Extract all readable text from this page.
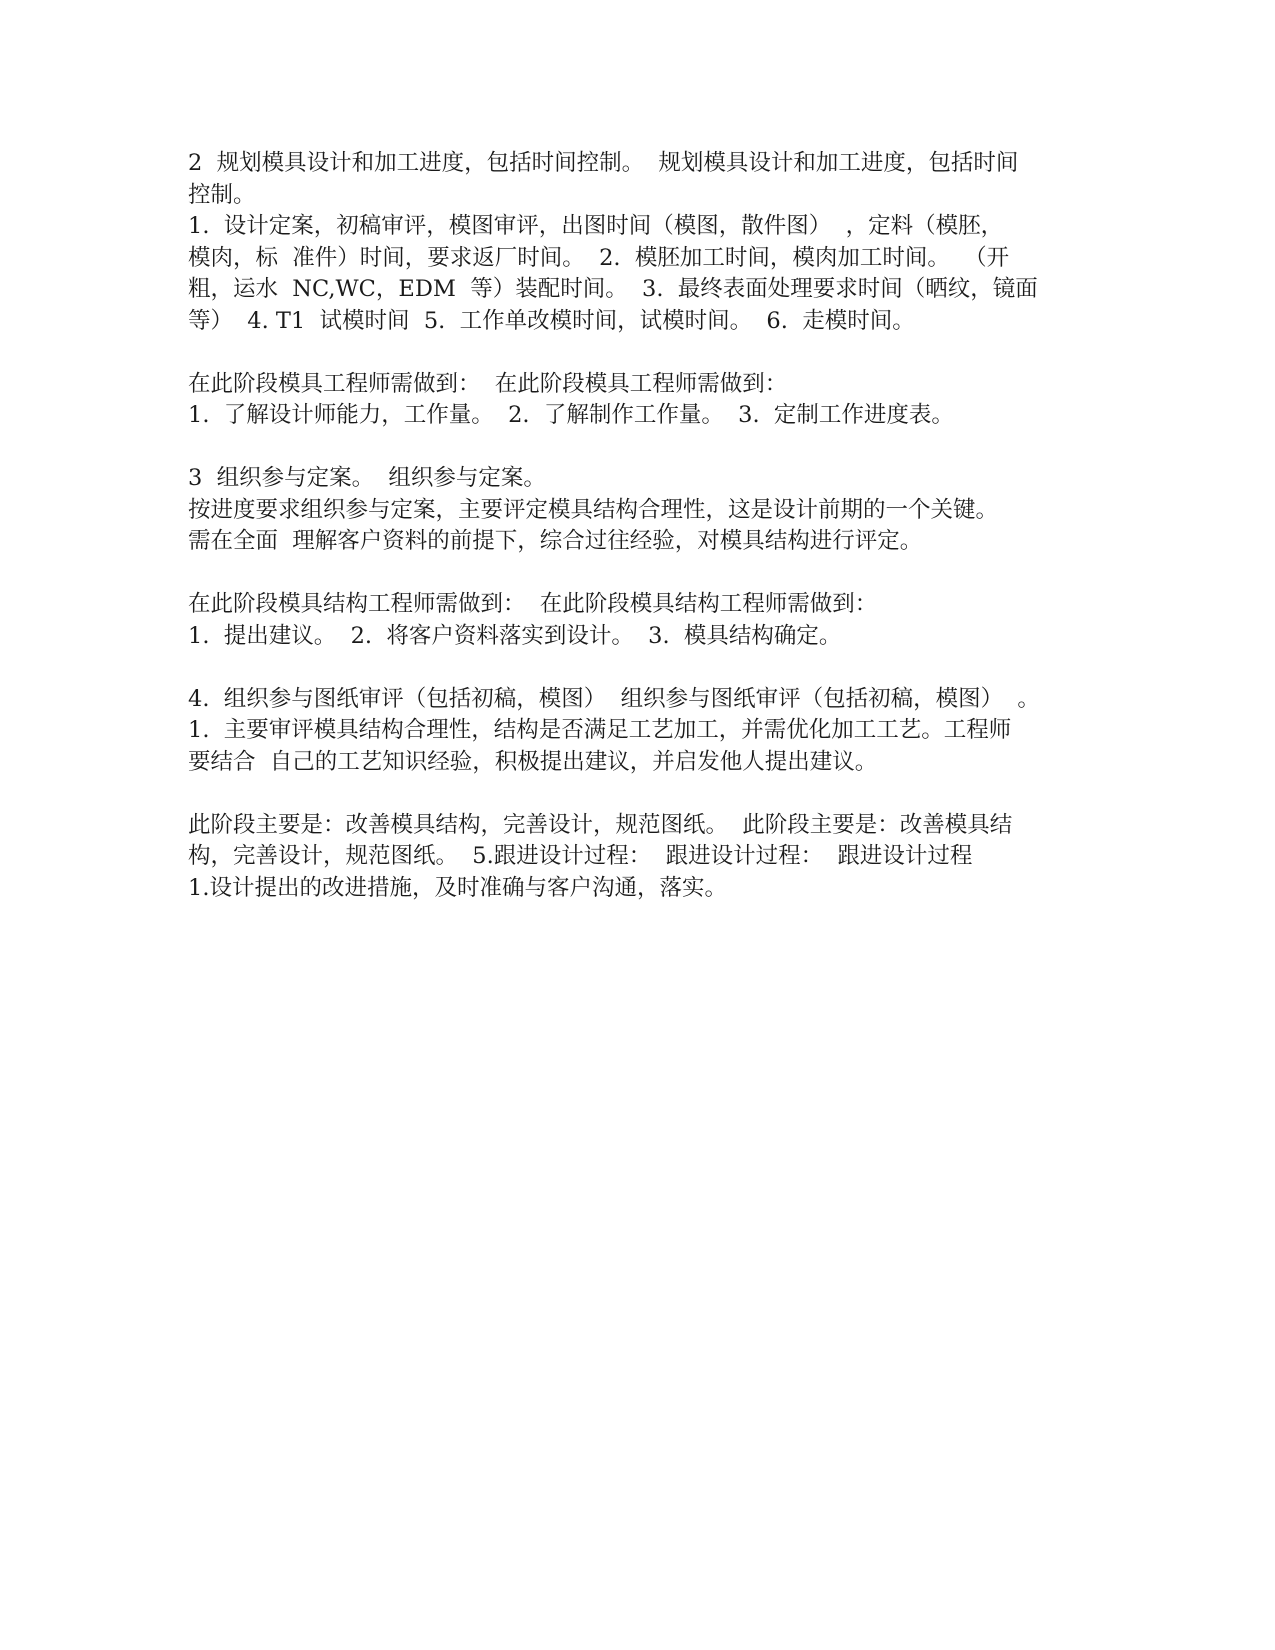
2  规划模具设计和加工进度，包括时间控制。  规划模具设计和加工进度，包括时间
控制。
1.  设计定案，初稿审评，模图审评，出图时间（模图，散件图）  ，定料（模胚，
模肉，标  准件）时间，要求返厂时间。  2.  模胚加工时间，模肉加工时间。  （开
粗，运水  NC,WC，EDM  等）装配时间。  3.  最终表面处理要求时间（晒纹，镜面
等）  4. T1  试模时间  5.  工作单改模时间，试模时间。  6.  走模时间。
在此阶段模具工程师需做到：  在此阶段模具工程师需做到：
1.  了解设计师能力，工作量。  2.  了解制作工作量。  3.  定制工作进度表。
3  组织参与定案。  组织参与定案。
按进度要求组织参与定案，主要评定模具结构合理性，这是设计前期的一个关键。
需在全面  理解客户资料的前提下，综合过往经验，对模具结构进行评定。
在此阶段模具结构工程师需做到：  在此阶段模具结构工程师需做到：
1.  提出建议。  2.  将客户资料落实到设计。  3.  模具结构确定。
4.  组织参与图纸审评（包括初稿，模图）  组织参与图纸审评（包括初稿，模图）  。
1.  主要审评模具结构合理性，结构是否满足工艺加工，并需优化加工工艺。工程师
要结合  自己的工艺知识经验，积极提出建议，并启发他人提出建议。
此阶段主要是：改善模具结构，完善设计，规范图纸。  此阶段主要是：改善模具结
构，完善设计，规范图纸。  5.跟进设计过程：  跟进设计过程：  跟进设计过程
1.设计提出的改进措施，及时准确与客户沟通，落实。
